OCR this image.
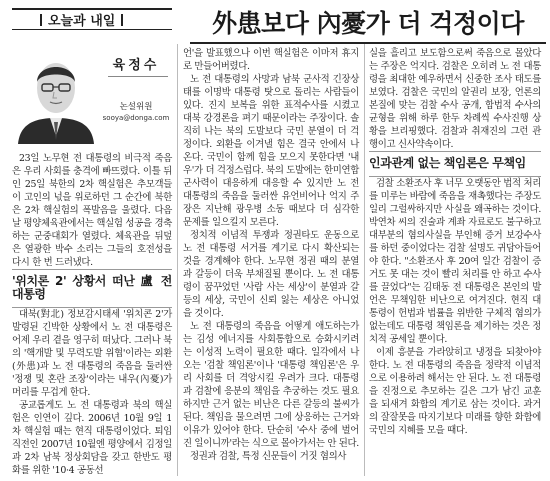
오늘과 내일	外患보다 內憂가 더 걱정이다
육정수
논설위원
sooya@donga.com

23일 노무현 전 대통령의 비극적 죽음은 우리 사회를 충격에 빠뜨렸다. 이틀 뒤인 25일 북한의 2차 핵실험은 추모객들이 고인의 넋을 위로하던 그 순간에 북한은 2차 핵실험의 폭발음을 울렸다. 다음 날 평양체육관에서는 핵실험 성공을 경축하는 군중대회가 열렸다. 체육관을 뒤덮은 열광한 박수 소리는 그들의 호전성을 다시 한 번 드러냈다.

'위치론 2' 상황서 떠난 盧 전 대통령

대북(對北) 정보감시태세 '위치콘 2'가 발령된 긴박한 상황에서 노 전 대통령은 어제 우리 곁을 영구히 떠났다. 그러나 북의 '핵개발 및 무력도발 위협'이라는 외환(外患)과 노 전 대통령의 죽음을 둘러싼 '정쟁 및 혼란 조장'이라는 내우(內憂)가 머리를 무겁게 한다.

공교롭게도 노 전 대통령과 북의 핵실험은 인연이 깊다. 2006년 10월 9일 1차 핵실험 때는 현직 대통령이었다. 퇴임 직전인 2007년 10월엔 평양에서 김정일과 2차 남북 정상회담을 갖고 한반도 평화를 위한 '10·4 공동선

언'을 발표했으나 이번 핵실험은 이마저 휴지로 만들어버렸다.

노 전 대통령의 사망과 남북 군사적 긴장상태를 이명박 대통령 탓으로 돌리는 사람들이 있다. 진지 보복을 위한 표적수사를 시켰고 대북 강경론을 펴기 때문이라는 주장이다. 솔직히 나는 북의 도발보다 국민 분열이 더 걱정이다. 외환을 이겨낼 힘은 결국 안에서 나온다. 국민이 함께 힘을 모으지 못한다면 '내우'가 더 걱정스럽다. 북의 도발에는 한미연합 군사력이 대응하게 대응할 수 있지만 노 전 대통령의 죽음을 둘러싼 유언비어나 억지 주장은 지난해 광우병 소동 때보다 더 심각한 문제를 일으킬지 모른다.

정치적 이념적 투쟁과 정권타도 운동으로 노 전 대통령 서거를 계기로 다시 확산되는 것을 경계해야 한다. 노무현 정권 때의 분열과 갈등이 더욱 부채질될 뿐이다. 노 전 대통령이 꿈꾸었던 '사람 사는 세상'이 분열과 갈등의 세상, 국민이 신뢰 잃는 세상은 아니었을 것이다.

노 전 대통령의 죽음을 어떻게 애도하는가는 김성 에너지를 사회통합으로 승화시키려는 이성적 노력이 필요한 때다. 일각에서 나오는 '검찰 책임론'이나 '대통령 책임론'은 우리 사회를 더 격앙시킬 우려가 크다. 대통령과 검찰에 응분의 책임을 추궁하는 것도 필요하지만 근거 없는 비난은 다른 갈등의 불씨가 된다. 책임을 물으려면 그에 상응하는 근거와 이유가 있어야 한다. 단순히 '수사 중에 벌어진 일이니까'라는 식으로 몰아가서는 안 된다.

정권과 검찰, 특정 신문들이 거짓 혐의사

실을 흘리고 보도함으로써 죽음으로 몰았다는 주장은 억지다. 검찰은 오히려 노 전 대통령을 최대한 예우하면서 신중한 조사 태도를 보였다. 검찰은 국민의 알권리 보장, 언론의 본질에 맞는 검찰 수사 공개, 합법적 수사의 균형을 위해 하루 한두 차례씩 수사진행 상황을 브리핑했다. 검찰과 취재진의 그런 관행이고 신사약속이다.

인과관계 없는 책임론은 무책임

검찰 소환조사 후 너무 오랫동안 법적 처리를 미루는 바람에 죽음을 재촉했다는 주장도 일리 그럴싸하지만 사실을 왜곡하는 것이다. 박연차 씨의 진술과 계좌 자료로도 불구하고 대부분의 혐의사실을 부인해 증거 보강수사를 하던 중이었다는 검찰 설명도 귀담아들어야 한다. "소환조사 후 20여 일간 검찰이 증거도 못 대는 것이 빨리 처리를 안 하고 수사를 끌었다"는 김태동 전 대통령은 본인의 발언은 무책임한 비난으로 여겨진다. 현직 대통령이 헌법과 법률을 위반한 구체적 혐의가 없는데도 대통령 책임론을 제기하는 것은 정치적 공세일 뿐이다.

이제 흥분을 가라앉히고 냉정을 되찾아야 한다. 노 전 대통령의 죽음을 정략적 이념적으로 이용하려 해서는 안 된다. 노 전 대통령을 진정으로 추모하는 길은 그가 남긴 교훈을 되새겨 화합의 계기로 삼는 것이다. 과거의 잘잘못을 따지기보다 미래를 향한 화합에 국민의 지혜를 모을 때다.
